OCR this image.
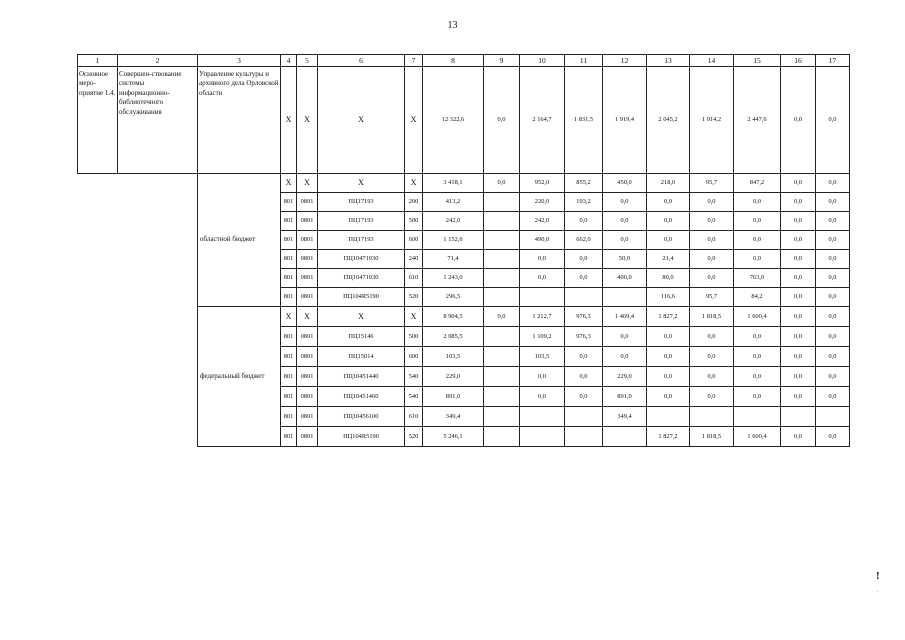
13
1	2	3	4	5	6	7	8	9	10	11	12	13	14	15	16	17
Основное меро-приятие 1.4.	Совершен-ствование системы информационно-библиотечного обслуживания	Управление культуры и архивного дела Орловской области	Х	Х	Х	Х	12 322,6	0,0	2 164,7	1 831,5	1 919,4	2 045,2	1 914,2	2 447,6	0,0	0,0
		областной бюджет	Х	Х	Х	Х	3 418,1	0,0	952,0	855,2	450,0	218,0	95,7	847,2	0,0	0,0
			801	0801	ПЦ17193	200	413,2		220,0	193,2	0,0	0,0	0,0	0,0	0,0	0,0
			801	0801	ПЦ17193	500	242,0		242,0	0,0	0,0	0,0	0,0	0,0	0,0	0,0
			801	0801	ПЦ17193	600	1 152,0		490,0	662,0	0,0	0,0	0,0	0,0	0,0	0,0
			801	0801	ПЦ10471930	240	71,4		0,0	0,0	50,0	21,4	0,0	0,0	0,0	0,0
			801	0801	ПЦ10471930	610	1 243,0		0,0	0,0	400,0	80,0	0,0	763,0	0,0	0,0
			801	0801	ПЦ104R5190	520	296,5					116,6	95,7	84,2	0,0	0,0
		федеральный бюджет	Х	Х	Х	Х	8 904,5	0,0	1 212,7	976,3	1 469,4	1 827,2	1 818,5	1 600,4	0,0	0,0
			801	0801	ПЦ15146	500	2 085,5		1 109,2	976,3	0,0	0,0	0,0	0,0	0,0	0,0
			801	0801	ПЦ15014	600	103,5		103,5	0,0	0,0	0,0	0,0	0,0	0,0	0,0
			801	0801	ПЦ10451440	540	229,0		0,0	0,0	229,0	0,0	0,0	0,0	0,0	0,0
			801	0801	ПЦ10451460	540	891,0		0,0	0,0	891,0	0,0	0,0	0,0	0,0	0,0
			801	0801	ПЦ10456100	610	349,4				349,4					
			801	0801	ПЦ104R5190	520	5 246,1					1 827,2	1 818,5	1 600,4	0,0	0,0
!
.
